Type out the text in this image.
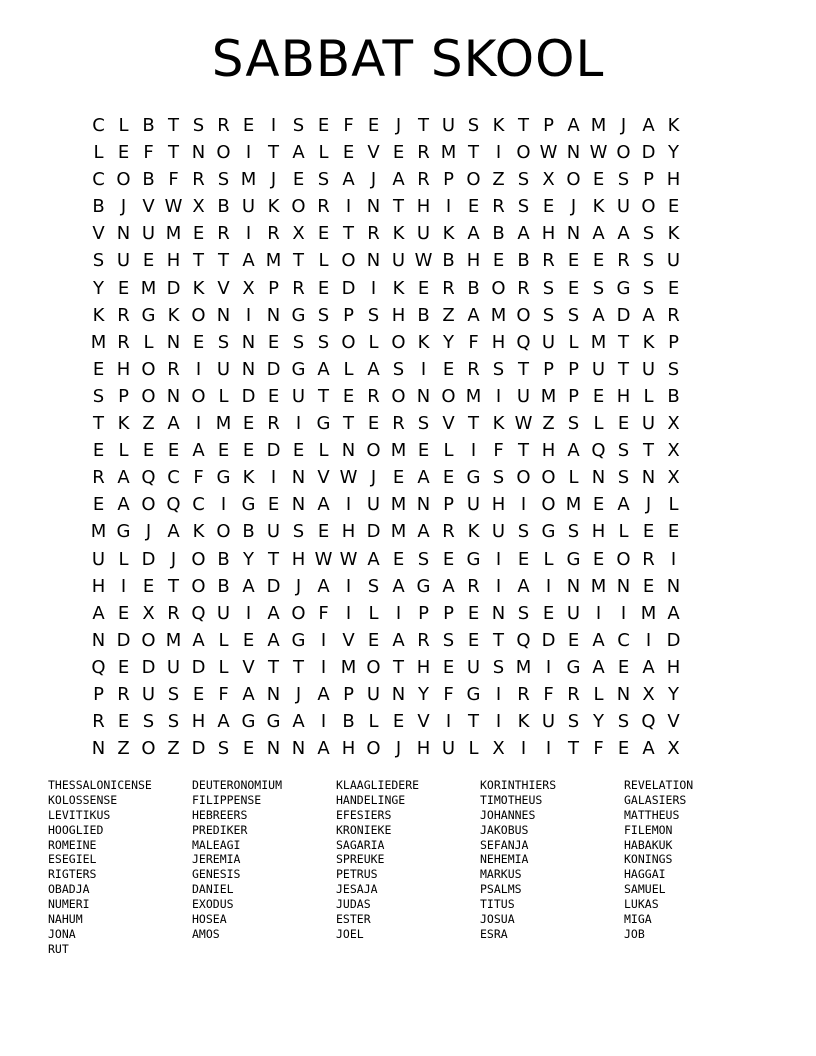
SABBAT SKOOL
C L B T S R E I S E F E J T U S K T P A M J A K
L E F T N O I T A L E V E R M T I O W N W O D Y
C O B F R S M J E S A J A R P O Z S X O E S P H
B J V W X B U K O R I N T H I E R S E J K U O E
V N U M E R I R X E T R K U K A B A H N A A S K
S U E H T T A M T L O N U W B H E B R E E R S U
Y E M D K V X P R E D I K E R B O R S E S G S E
K R G K O N I N G S P S H B Z A M O S S A D A R
M R L N E S N E S S O L O K Y F H Q U L M T K P
E H O R I U N D G A L A S I E R S T P P U T U S
S P O N O L D E U T E R O N O M I U M P E H L B
T K Z A I M E R I G T E R S V T K W Z S L E U X
E L E E A E E D E L N O M E L I F T H A Q S T X
R A Q C F G K I N V W J E A E G S O O L N S N X
E A O Q C I G E N A I U M N P U H I O M E A J L
M G J A K O B U S E H D M A R K U S G S H L E E
U L D J O B Y T H W W A E S E G I E L G E O R I
H I E T O B A D J A I S A G A R I A I N M N E N
A E X R Q U I A O F I L I P P E N S E U I	I M A
N D O M A L E A G I V E A R S E T Q D E A C I D
Q E D U D L V T T I M O T H E U S M I G A E A H
P R U S E F A N J A P U N Y F G I R F R L N X Y
R E S S H A G G A I B L E V I T I K U S Y S Q V
N Z O Z D S E N N A H O J H U L X I	I T F E A X
THESSALONICENSE	DEUTERONOMIUM	KLAAGLIEDERE	KORINTHIERS	REVELATION
KOLOSSENSE	FILIPPENSE	HANDELINGE	TIMOTHEUS	GALASIERS
LEVITIKUS	HEBREERS	EFESIERS	JOHANNES	MATTHEUS
HOOGLIED	PREDIKER	KRONIEKE	JAKOBUS	FILEMON
ROMEINE	MALEAGI	SAGARIA	SEFANJA	HABAKUK
ESEGIEL	JEREMIA	SPREUKE	NEHEMIA	KONINGS
RIGTERS	GENESIS	PETRUS	MARKUS	HAGGAI
OBADJA	DANIEL	JESAJA	PSALMS	SAMUEL
NUMERI	EXODUS	JUDAS	TITUS	LUKAS
NAHUM	HOSEA	ESTER	JOSUA	MIGA
JONA	AMOS	JOEL	ESRA	JOB
RUT
